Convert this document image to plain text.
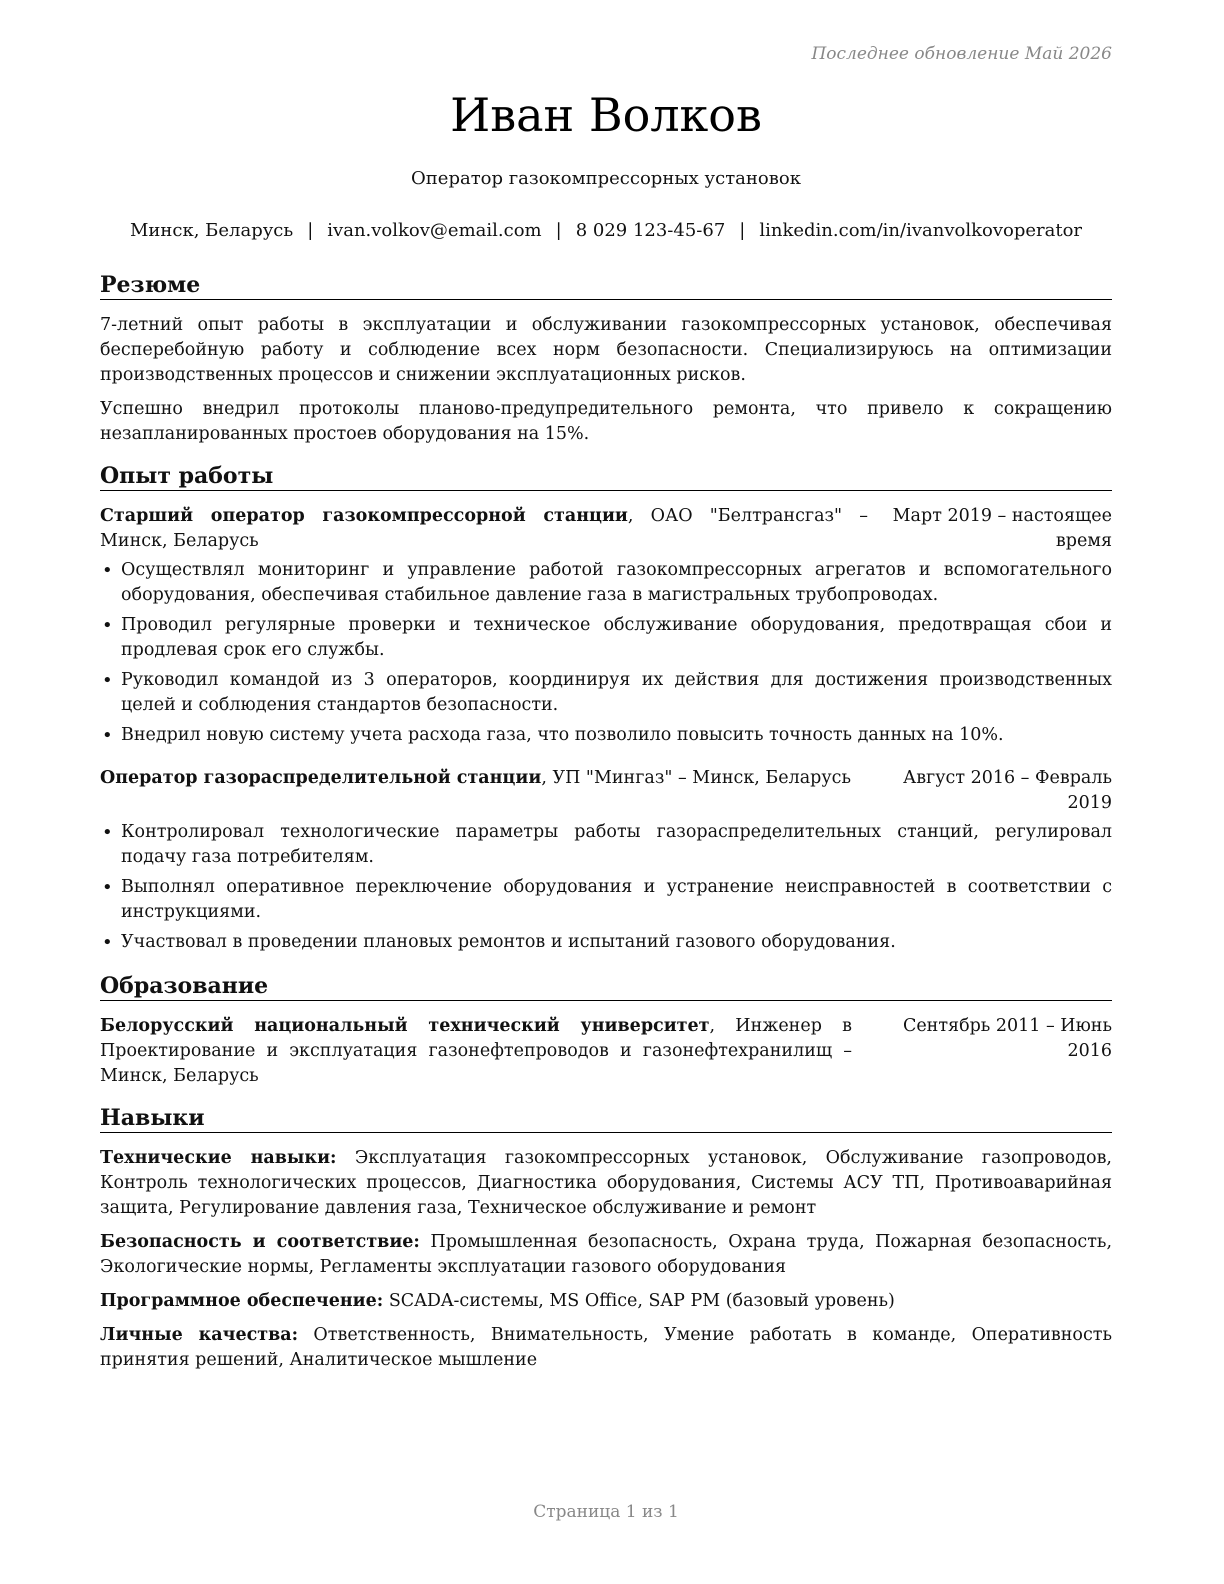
Последнее обновление Май 2026
Иван Волков
Оператор газокомпрессорных установок
Минск, Беларусь | ivan.volkov@email.com | 8 029 123-45-67 | linkedin.com/in/ivanvolkovoperator
Резюме

7-летний опыт работы в эксплуатации и обслуживании газокомпрессорных установок, обеспечивая бесперебойную работу и соблюдение всех норм безопасности. Специализируюсь на оптимизации производственных процессов и снижении эксплуатационных рисков.

Успешно внедрил протоколы планово-предупредительного ремонта, что привело к сокращению незапланированных простоев оборудования на 15%.

Опыт работы
Старший оператор газокомпрессорной станции, ОАО "Белтрансгаз" – Минск, Беларусь
Март 2019 – настоящее время
• Осуществлял мониторинг и управление работой газокомпрессорных агрегатов и вспомогательного оборудования, обеспечивая стабильное давление газа в магистральных трубопроводах.
• Проводил регулярные проверки и техническое обслуживание оборудования, предотвращая сбои и продлевая срок его службы.
• Руководил командой из 3 операторов, координируя их действия для достижения производственных целей и соблюдения стандартов безопасности.
• Внедрил новую систему учета расхода газа, что позволило повысить точность данных на 10%.
Оператор газораспределительной станции, УП "Мингаз" – Минск, Беларусь	Август 2016 – Февраль 2019
• Контролировал технологические параметры работы газораспределительных станций, регулировал подачу газа потребителям.
• Выполнял оперативное переключение оборудования и устранение неисправностей в соответствии с инструкциями.
• Участвовал в проведении плановых ремонтов и испытаний газового оборудования.
Образование
Белорусский национальный технический университет, Инженер в Проектирование и эксплуатация газонефтепроводов и газонефтехранилищ – Минск, Беларусь
Сентябрь 2011 – Июнь 2016
Навыки
Технические навыки: Эксплуатация газокомпрессорных установок, Обслуживание газопроводов, Контроль технологических процессов, Диагностика оборудования, Системы АСУ ТП, Противоаварийная защита, Регулирование давления газа, Техническое обслуживание и ремонт
Безопасность и соответствие: Промышленная безопасность, Охрана труда, Пожарная безопасность, Экологические нормы, Регламенты эксплуатации газового оборудования
Программное обеспечение: SCADA-системы, MS Office, SAP PM (базовый уровень)
Личные качества: Ответственность, Внимательность, Умение работать в команде, Оперативность принятия решений, Аналитическое мышление
Страница 1 из 1
